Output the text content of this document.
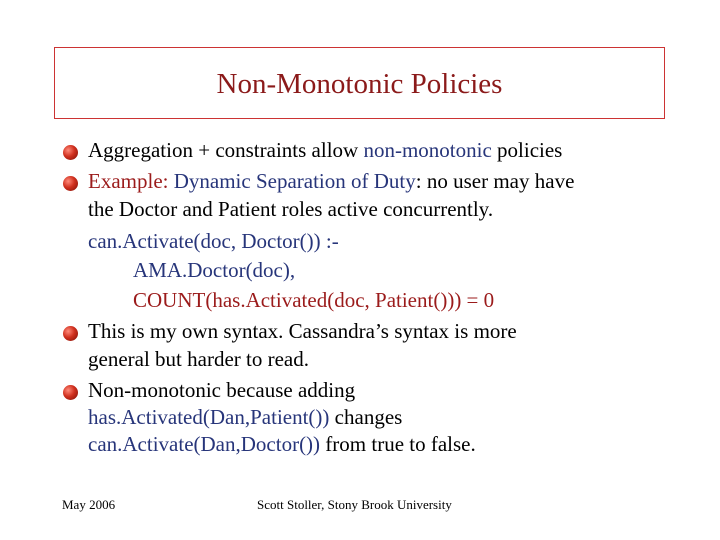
Non-Monotonic Policies
Aggregation + constraints allow non-monotonic policies
Example: Dynamic Separation of Duty: no user may have
the Doctor and Patient roles active concurrently.
can.Activate(doc, Doctor()) :-
AMA.Doctor(doc),
COUNT(has.Activated(doc, Patient())) = 0
This is my own syntax. Cassandra’s syntax is more
general but harder to read.
Non-monotonic because adding
has.Activated(Dan,Patient()) changes
can.Activate(Dan,Doctor()) from true to false.
May 2006	Scott Stoller, Stony Brook University
